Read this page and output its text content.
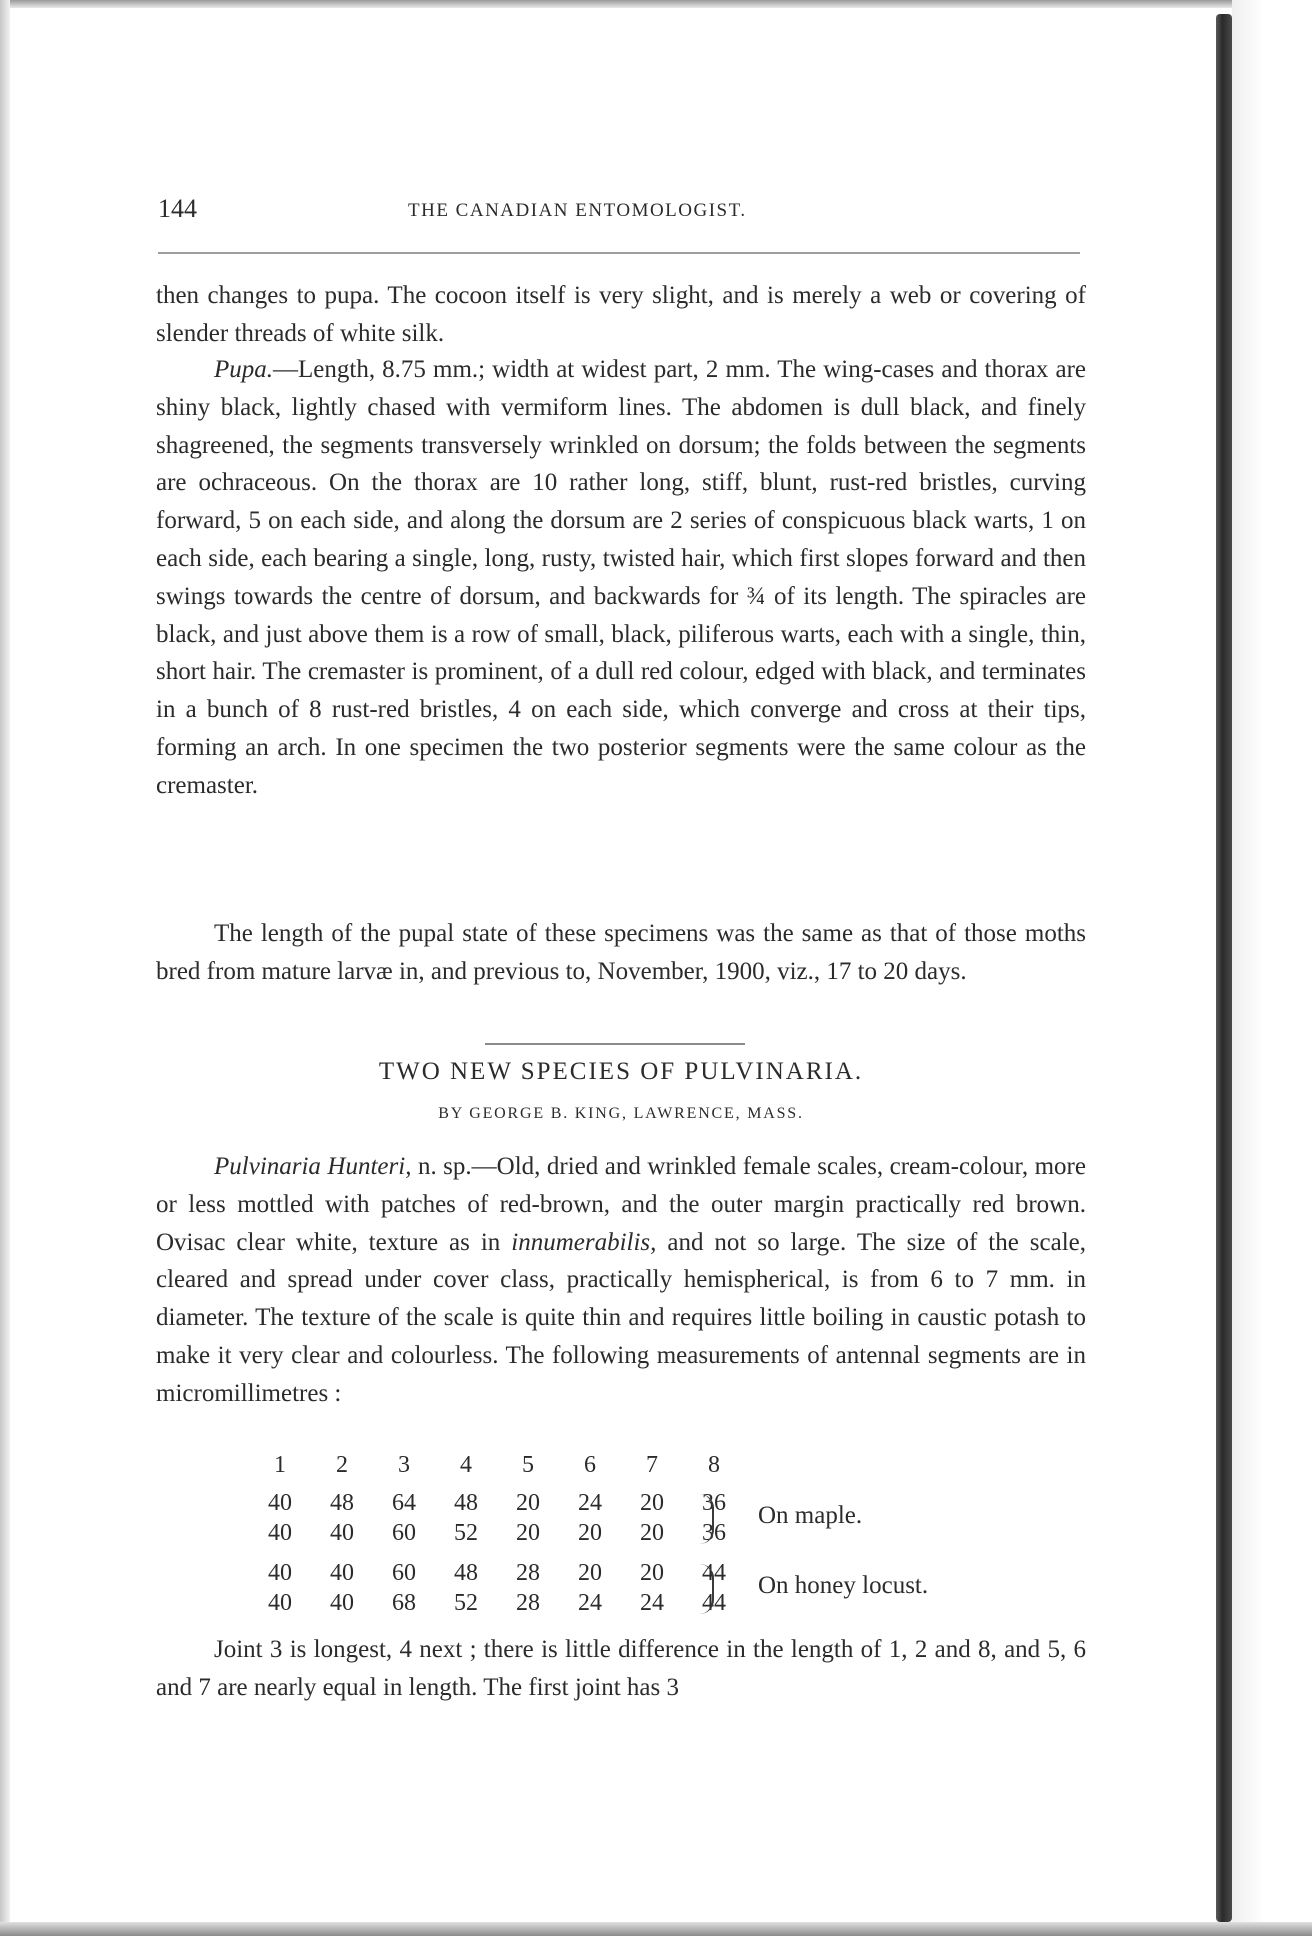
144	THE CANADIAN ENTOMOLOGIST.

then changes to pupa. The cocoon itself is very slight, and is merely a web or covering of slender threads of white silk.

Pupa.—Length, 8.75 mm.; width at widest part, 2 mm. The wing-cases and thorax are shiny black, lightly chased with vermiform lines. The abdomen is dull black, and finely shagreened, the segments transversely wrinkled on dorsum; the folds between the segments are ochraceous. On the thorax are 10 rather long, stiff, blunt, rust-red bristles, curving forward, 5 on each side, and along the dorsum are 2 series of conspicuous black warts, 1 on each side, each bearing a single, long, rusty, twisted hair, which first slopes forward and then swings towards the centre of dorsum, and backwards for ¾ of its length. The spiracles are black, and just above them is a row of small, black, piliferous warts, each with a single, thin, short hair. The cremaster is prominent, of a dull red colour, edged with black, and terminates in a bunch of 8 rust-red bristles, 4 on each side, which converge and cross at their tips, forming an arch. In one specimen the two posterior segments were the same colour as the cremaster.

The length of the pupal state of these specimens was the same as that of those moths bred from mature larvæ in, and previous to, November, 1900, viz., 17 to 20 days.

TWO NEW SPECIES OF PULVINARIA.
BY GEORGE B. KING, LAWRENCE, MASS.

Pulvinaria Hunteri, n. sp.—Old, dried and wrinkled female scales, cream-colour, more or less mottled with patches of red-brown, and the outer margin practically red brown. Ovisac clear white, texture as in innumerabilis, and not so large. The size of the scale, cleared and spread under cover class, practically hemispherical, is from 6 to 7 mm. in diameter. The texture of the scale is quite thin and requires little boiling in caustic potash to make it very clear and colourless. The following measurements of antennal segments are in micromillimetres :

1	2	3	4	5	6	7	8
40	48	64	48	20	24	20	36
40	40	60	52	20	20	20	36
On maple.
40	40	60	48	28	20	20	44
40	40	68	52	28	24	24	44
On honey locust.

Joint 3 is longest, 4 next ; there is little difference in the length of 1, 2 and 8, and 5, 6 and 7 are nearly equal in length. The first joint has 3
